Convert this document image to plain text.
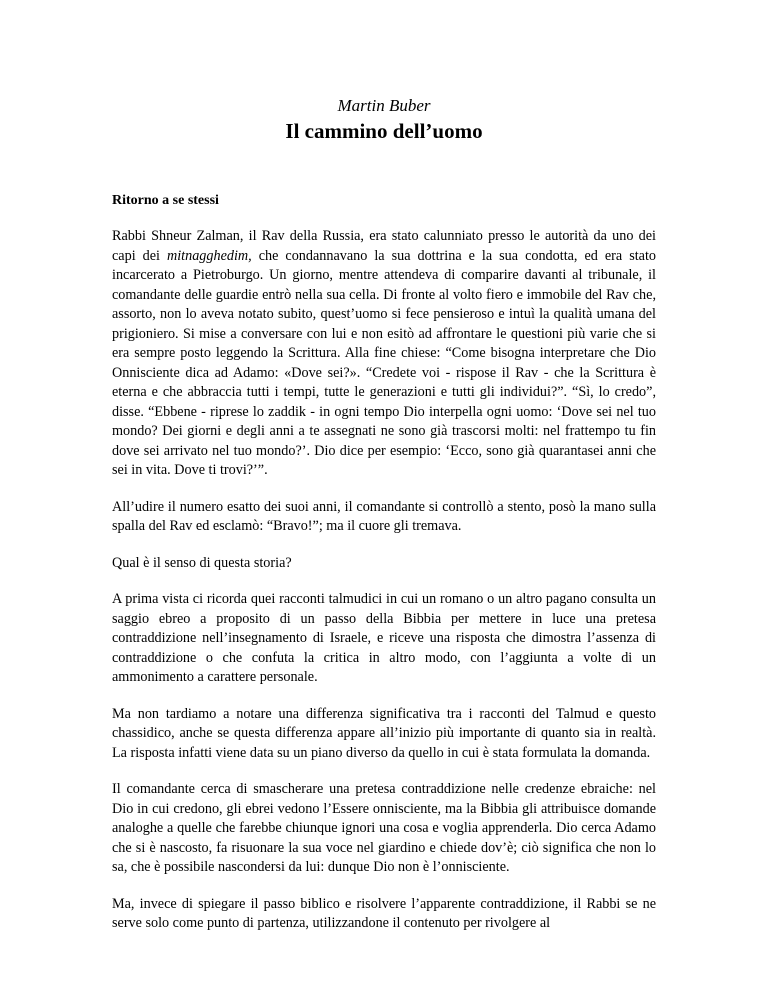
Martin Buber

Il cammino dell’uomo

Ritorno a se stessi

Rabbi Shneur Zalman, il Rav della Russia, era stato calunniato presso le autorità da uno dei capi dei mitnagghedim, che condannavano la sua dottrina e la sua condotta, ed era stato incarcerato a Pietroburgo. Un giorno, mentre attendeva di comparire davanti al tribunale, il comandante delle guardie entrò nella sua cella. Di fronte al volto fiero e immobile del Rav che, assorto, non lo aveva notato subito, quest’uomo si fece pensieroso e intuì la qualità umana del prigioniero. Si mise a conversare con lui e non esitò ad affrontare le questioni più varie che si era sempre posto leggendo la Scrittura. Alla fine chiese: “Come bisogna interpretare che Dio Onnisciente dica ad Adamo: «Dove sei?». “Credete voi - rispose il Rav - che la Scrittura è eterna e che abbraccia tutti i tempi, tutte le generazioni e tutti gli individui?”. “Sì, lo credo”, disse. “Ebbene - riprese lo zaddik - in ogni tempo Dio interpella ogni uomo: ‘Dove sei nel tuo mondo? Dei giorni e degli anni a te assegnati ne sono già trascorsi molti: nel frattempo tu fin dove sei arrivato nel tuo mondo?’. Dio dice per esempio: ‘Ecco, sono già quarantasei anni che sei in vita. Dove ti trovi?’”.

All’udire il numero esatto dei suoi anni, il comandante si controllò a stento, posò la mano sulla spalla del Rav ed esclamò: “Bravo!”; ma il cuore gli tremava.

Qual è il senso di questa storia?

A prima vista ci ricorda quei racconti talmudici in cui un romano o un altro pagano consulta un saggio ebreo a proposito di un passo della Bibbia per mettere in luce una pretesa contraddizione nell’insegnamento di Israele, e riceve una risposta che dimostra l’assenza di contraddizione o che confuta la critica in altro modo, con l’aggiunta a volte di un ammonimento a carattere personale.

Ma non tardiamo a notare una differenza significativa tra i racconti del Talmud e questo chassidico, anche se questa differenza appare all’inizio più importante di quanto sia in realtà. La risposta infatti viene data su un piano diverso da quello in cui è stata formulata la domanda.

Il comandante cerca di smascherare una pretesa contraddizione nelle credenze ebraiche: nel Dio in cui credono, gli ebrei vedono l’Essere onnisciente, ma la Bibbia gli attribuisce domande analoghe a quelle che farebbe chiunque ignori una cosa e voglia apprenderla. Dio cerca Adamo che si è nascosto, fa risuonare la sua voce nel giardino e chiede dov’è; ciò significa che non lo sa, che è possibile nascondersi da lui: dunque Dio non è l’onnisciente.

Ma, invece di spiegare il passo biblico e risolvere l’apparente contraddizione, il Rabbi se ne serve solo come punto di partenza, utilizzandone il contenuto per rivolgere al
